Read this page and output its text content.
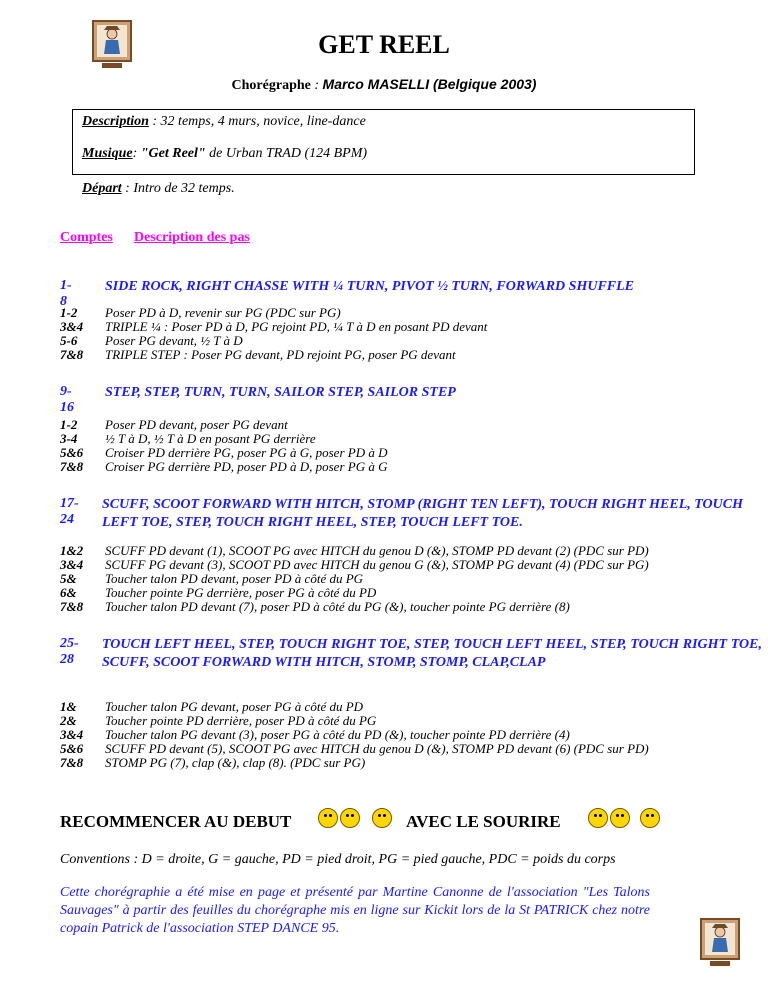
GET REEL
Chorégraphe : Marco MASELLI (Belgique 2003)
Description : 32 temps, 4 murs, novice, line-dance
Musique: "Get Reel" de Urban TRAD (124 BPM)
Départ : Intro de 32 temps.
Comptes Description des pas
1-8
SIDE ROCK, RIGHT CHASSE WITH ¼ TURN, PIVOT ½ TURN, FORWARD SHUFFLE
1-2 Poser PD à D, revenir sur PG (PDC sur PG)
3&4 TRIPLE ¼ : Poser PD à D, PG rejoint PD, ¼ T à D en posant PD devant
5-6 Poser PG devant, ½ T à D
7&8 TRIPLE STEP : Poser PG devant, PD rejoint PG, poser PG devant
9-16
STEP, STEP, TURN, TURN, SAILOR STEP, SAILOR STEP
1-2 Poser PD devant, poser PG devant
3-4 ½ T à D, ½ T à D en posant PG derrière
5&6 Croiser PD derrière PG, poser PG à G, poser PD à D
7&8 Croiser PG derrière PD, poser PD à D, poser PG à G
17-24
SCUFF, SCOOT FORWARD WITH HITCH, STOMP (RIGHT TEN LEFT), TOUCH RIGHT HEEL, TOUCH LEFT TOE, STEP, TOUCH RIGHT HEEL, STEP, TOUCH LEFT TOE.
1&2 SCUFF PD devant (1), SCOOT PG avec HITCH du genou D (&), STOMP PD devant (2) (PDC sur PD)
3&4 SCUFF PG devant (3), SCOOT PD avec HITCH du genou G (&), STOMP PG devant (4) (PDC sur PG)
5& Toucher talon PD devant, poser PD à côté du PG
6& Toucher pointe PG derrière, poser PG à côté du PD
7&8 Toucher talon PD devant (7), poser PD à côté du PG (&), toucher pointe PG derrière (8)
25-28
TOUCH LEFT HEEL, STEP, TOUCH RIGHT TOE, STEP, TOUCH LEFT HEEL, STEP, TOUCH RIGHT TOE, SCUFF, SCOOT FORWARD WITH HITCH, STOMP, STOMP, CLAP,CLAP
1& Toucher talon PG devant, poser PG à côté du PD
2& Toucher pointe PD derrière, poser PD à côté du PG
3&4 Toucher talon PG devant (3), poser PG à côté du PD (&), toucher pointe PD derrière (4)
5&6 SCUFF PD devant (5), SCOOT PG avec HITCH du genou D (&), STOMP PD devant (6) (PDC sur PD)
7&8 STOMP PG (7), clap (&), clap (8). (PDC sur PG)
RECOMMENCER AU DEBUT	AVEC LE SOURIRE
Conventions : D = droite, G = gauche, PD = pied droit, PG = pied gauche, PDC = poids du corps
Cette chorégraphie a été mise en page et présenté par Martine Canonne de l'association "Les Talons Sauvages" à partir des feuilles du chorégraphe mis en ligne sur Kickit lors de la St PATRICK chez notre copain Patrick de l'association STEP DANCE 95.
